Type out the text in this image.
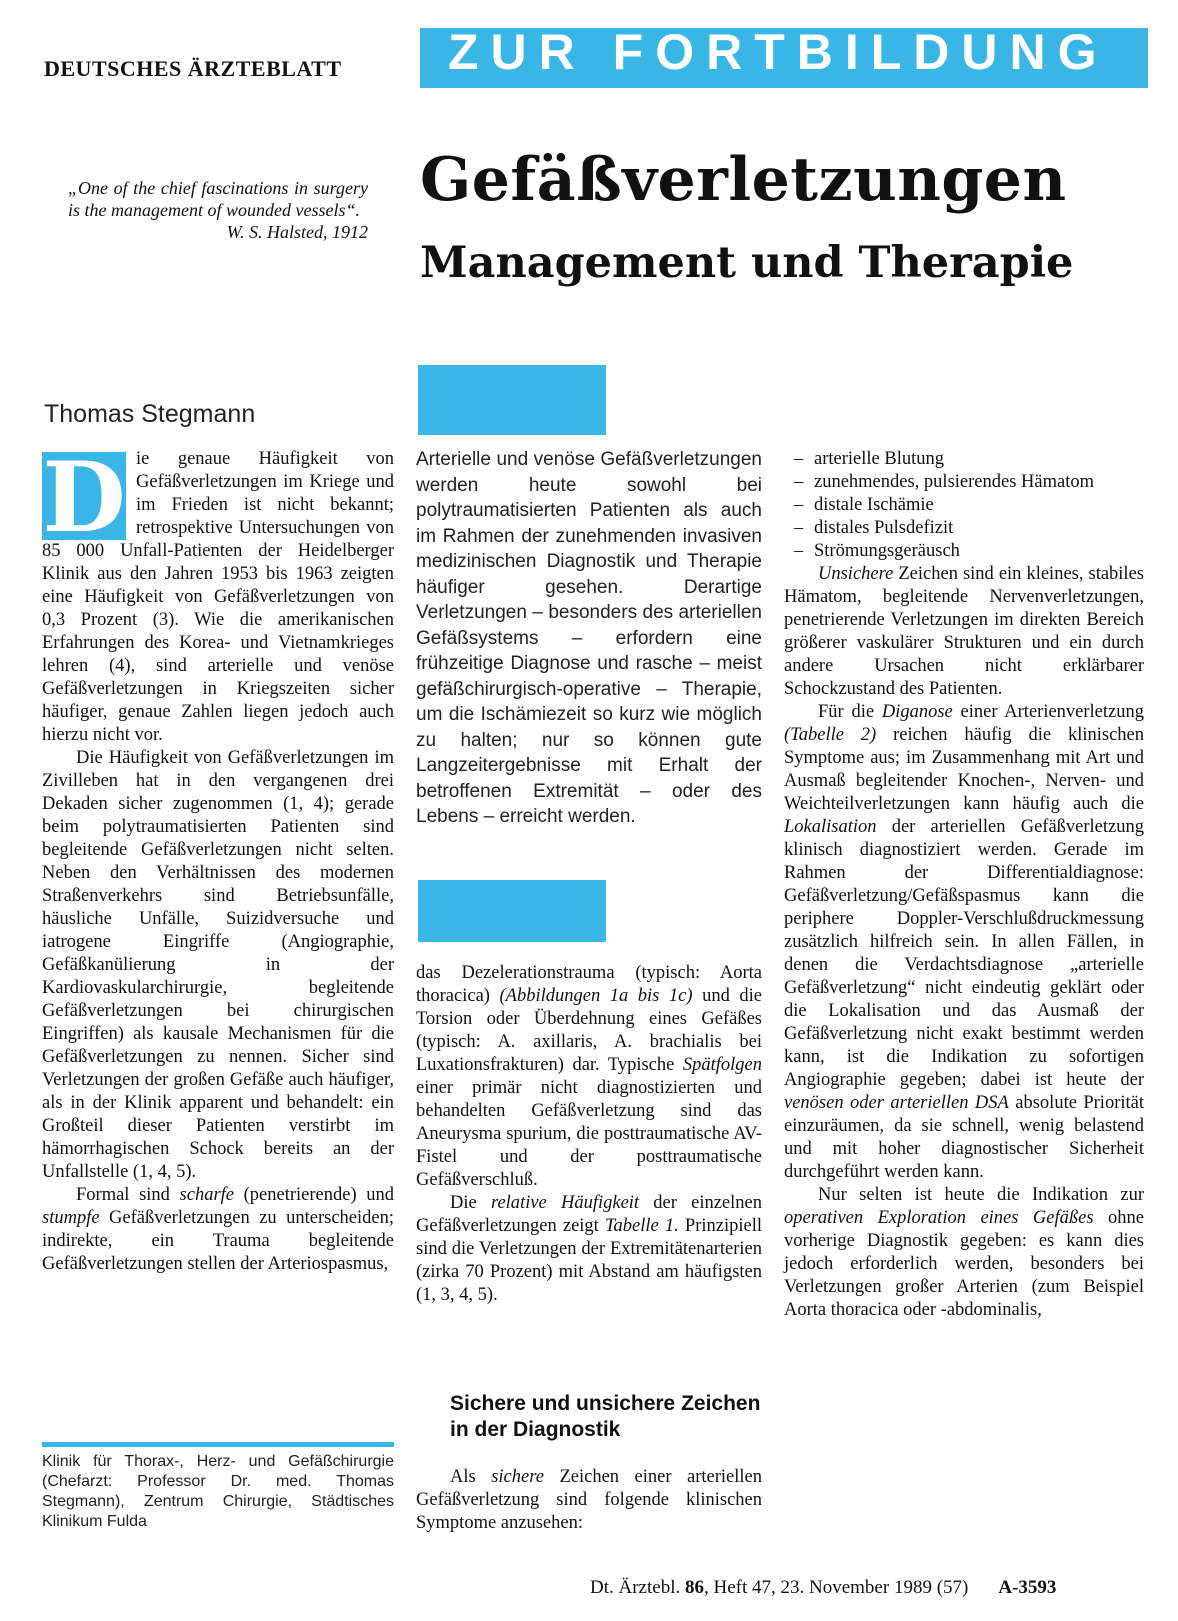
DEUTSCHES ÄRZTEBLATT	ZUR FORTBILDUNG
„One of the chief fascinations in surgery is the management of wounded vessels“.
W. S. Halsted, 1912
Gefäßverletzungen
Management und Therapie
Thomas Stegmann

D ie genaue Häufigkeit von Gefäßverletzungen im Kriege und im Frieden ist nicht bekannt; retrospektive Untersuchungen von 85 000 Unfall-Patienten der Heidelberger Klinik aus den Jahren 1953 bis 1963 zeigten eine Häufigkeit von Gefäßverletzungen von 0,3 Prozent (3). Wie die amerikanischen Erfahrungen des Korea- und Vietnamkrieges lehren (4), sind arterielle und venöse Gefäßverletzungen in Kriegszeiten sicher häufiger, genaue Zahlen liegen jedoch auch hierzu nicht vor.

Die Häufigkeit von Gefäßverletzungen im Zivilleben hat in den vergangenen drei Dekaden sicher zugenommen (1, 4); gerade beim polytraumatisierten Patienten sind begleitende Gefäßverletzungen nicht selten. Neben den Verhältnissen des modernen Straßenverkehrs sind Betriebsunfälle, häusliche Unfälle, Suizidversuche und iatrogene Eingriffe (Angiographie, Gefäßkanülierung in der Kardiovaskularchirurgie, begleitende Gefäßverletzungen bei chirurgischen Eingriffen) als kausale Mechanismen für die Gefäßverletzungen zu nennen. Sicher sind Verletzungen der großen Gefäße auch häufiger, als in der Klinik apparent und behandelt: ein Großteil dieser Patienten verstirbt im hämorrhagischen Schock bereits an der Unfallstelle (1, 4, 5).

Formal sind scharfe (penetrierende) und stumpfe Gefäßverletzungen zu unterscheiden; indirekte, ein Trauma begleitende Gefäßverletzungen stellen der Arteriospasmus,

Klinik für Thorax-, Herz- und Gefäßchirurgie (Chefarzt: Professor Dr. med. Thomas Stegmann), Zentrum Chirurgie, Städtisches Klinikum Fulda
Arterielle und venöse Gefäßverletzungen werden heute sowohl bei polytraumatisierten Patienten als auch im Rahmen der zunehmenden invasiven medizinischen Diagnostik und Therapie häufiger gesehen. Derartige Verletzungen – besonders des arteriellen Gefäßsystems – erfordern eine frühzeitige Diagnose und rasche – meist gefäßchirurgisch-operative – Therapie, um die Ischämiezeit so kurz wie möglich zu halten; nur so können gute Langzeitergebnisse mit Erhalt der betroffenen Extremität – oder des Lebens – erreicht werden.

das Dezelerationstrauma (typisch: Aorta thoracica) (Abbildungen 1a bis 1c) und die Torsion oder Überdehnung eines Gefäßes (typisch: A. axillaris, A. brachialis bei Luxationsfrakturen) dar. Typische Spätfolgen einer primär nicht diagnostizierten und behandelten Gefäßverletzung sind das Aneurysma spurium, die posttraumatische AV-Fistel und der posttraumatische Gefäßverschluß.

Die relative Häufigkeit der einzelnen Gefäßverletzungen zeigt Tabelle 1. Prinzipiell sind die Verletzungen der Extremitätenarterien (zirka 70 Prozent) mit Abstand am häufigsten (1, 3, 4, 5).

Sichere und unsichere Zeichen in der Diagnostik

Als sichere Zeichen einer arteriellen Gefäßverletzung sind folgende klinischen Symptome anzusehen:

– arterielle Blutung
– zunehmendes, pulsierendes Hämatom
– distale Ischämie
– distales Pulsdefizit
– Strömungsgeräusch

Unsichere Zeichen sind ein kleines, stabiles Hämatom, begleitende Nervenverletzungen, penetrierende Verletzungen im direkten Bereich größerer vaskulärer Strukturen und ein durch andere Ursachen nicht erklärbarer Schockzustand des Patienten.

Für die Diganose einer Arterienverletzung (Tabelle 2) reichen häufig die klinischen Symptome aus; im Zusammenhang mit Art und Ausmaß begleitender Knochen-, Nerven- und Weichteilverletzungen kann häufig auch die Lokalisation der arteriellen Gefäßverletzung klinisch diagnostiziert werden. Gerade im Rahmen der Differentialdiagnose: Gefäßverletzung/Gefäßspasmus kann die periphere Doppler-Verschlußdruckmessung zusätzlich hilfreich sein. In allen Fällen, in denen die Verdachtsdiagnose „arterielle Gefäßverletzung“ nicht eindeutig geklärt oder die Lokalisation und das Ausmaß der Gefäßverletzung nicht exakt bestimmt werden kann, ist die Indikation zu sofortigen Angiographie gegeben; dabei ist heute der venösen oder arteriellen DSA absolute Priorität einzuräumen, da sie schnell, wenig belastend und mit hoher diagnostischer Sicherheit durchgeführt werden kann.

Nur selten ist heute die Indikation zur operativen Exploration eines Gefäßes ohne vorherige Diagnostik gegeben: es kann dies jedoch erforderlich werden, besonders bei Verletzungen großer Arterien (zum Beispiel Aorta thoracica oder -abdominalis,

Dt. Ärztebl. 86, Heft 47, 23. November 1989 (57) A-3593
